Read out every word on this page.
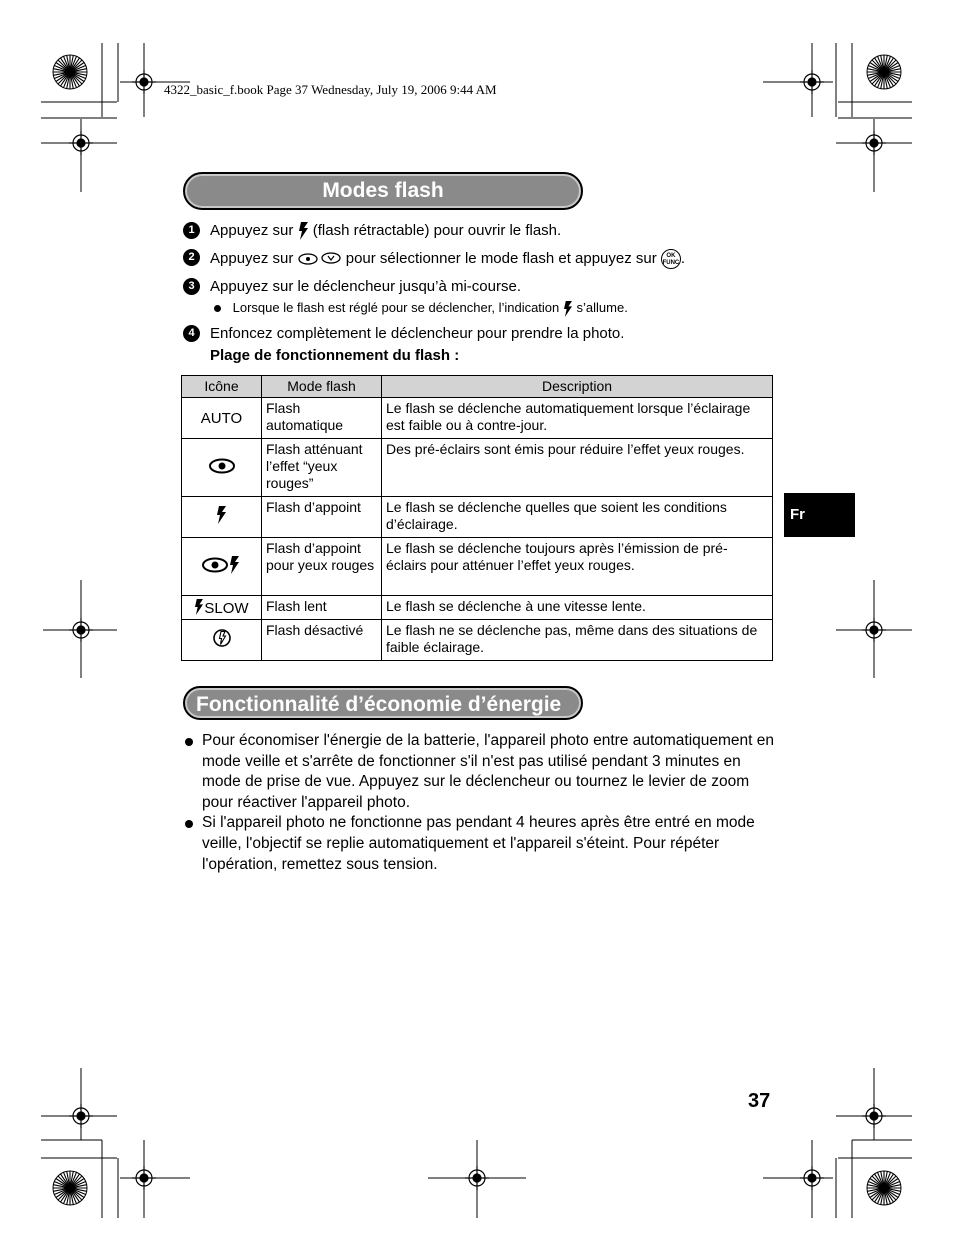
4322_basic_f.book Page 37 Wednesday, July 19, 2006 9:44 AM
Modes flash
1	Appuyez sur (flash rétractable) pour ouvrir le flash.
2	Appuyez sur	pour sélectionner le mode flash et appuyez sur OK
FUNC .
3	Appuyez sur le déclencheur jusqu’à mi-course.
Lorsque le flash est réglé pour se déclencher, l’indication s’allume.
4	Enfoncez complètement le déclencheur pour prendre la photo.
Plage de fonctionnement du flash :
Icône	Mode flash	Description
AUTO	Flash automatique	Le flash se déclenche automatiquement lorsque l’éclairage est faible ou à contre-jour.
	Flash atténuant l’effet “yeux rouges”	Des pré-éclairs sont émis pour réduire l’effet yeux rouges.
	Flash d’appoint	Le flash se déclenche quelles que soient les conditions d’éclairage.
	Flash d’appoint pour yeux rouges	Le flash se déclenche toujours après l’émission de pré-éclairs pour atténuer l’effet yeux rouges.
SLOW	Flash lent	Le flash se déclenche à une vitesse lente.
	Flash désactivé	Le flash ne se déclenche pas, même dans des situations de faible éclairage.
Fr
Fonctionnalité d’économie d’énergie
Pour économiser l'énergie de la batterie, l'appareil photo entre automatiquement en mode veille et s'arrête de fonctionner s'il n'est pas utilisé pendant 3 minutes en mode de prise de vue. Appuyez sur le déclencheur ou tournez le levier de zoom pour réactiver l'appareil photo.
Si l'appareil photo ne fonctionne pas pendant 4 heures après être entré en mode veille, l'objectif se replie automatiquement et l'appareil s'éteint. Pour répéter l'opération, remettez sous tension.
37
